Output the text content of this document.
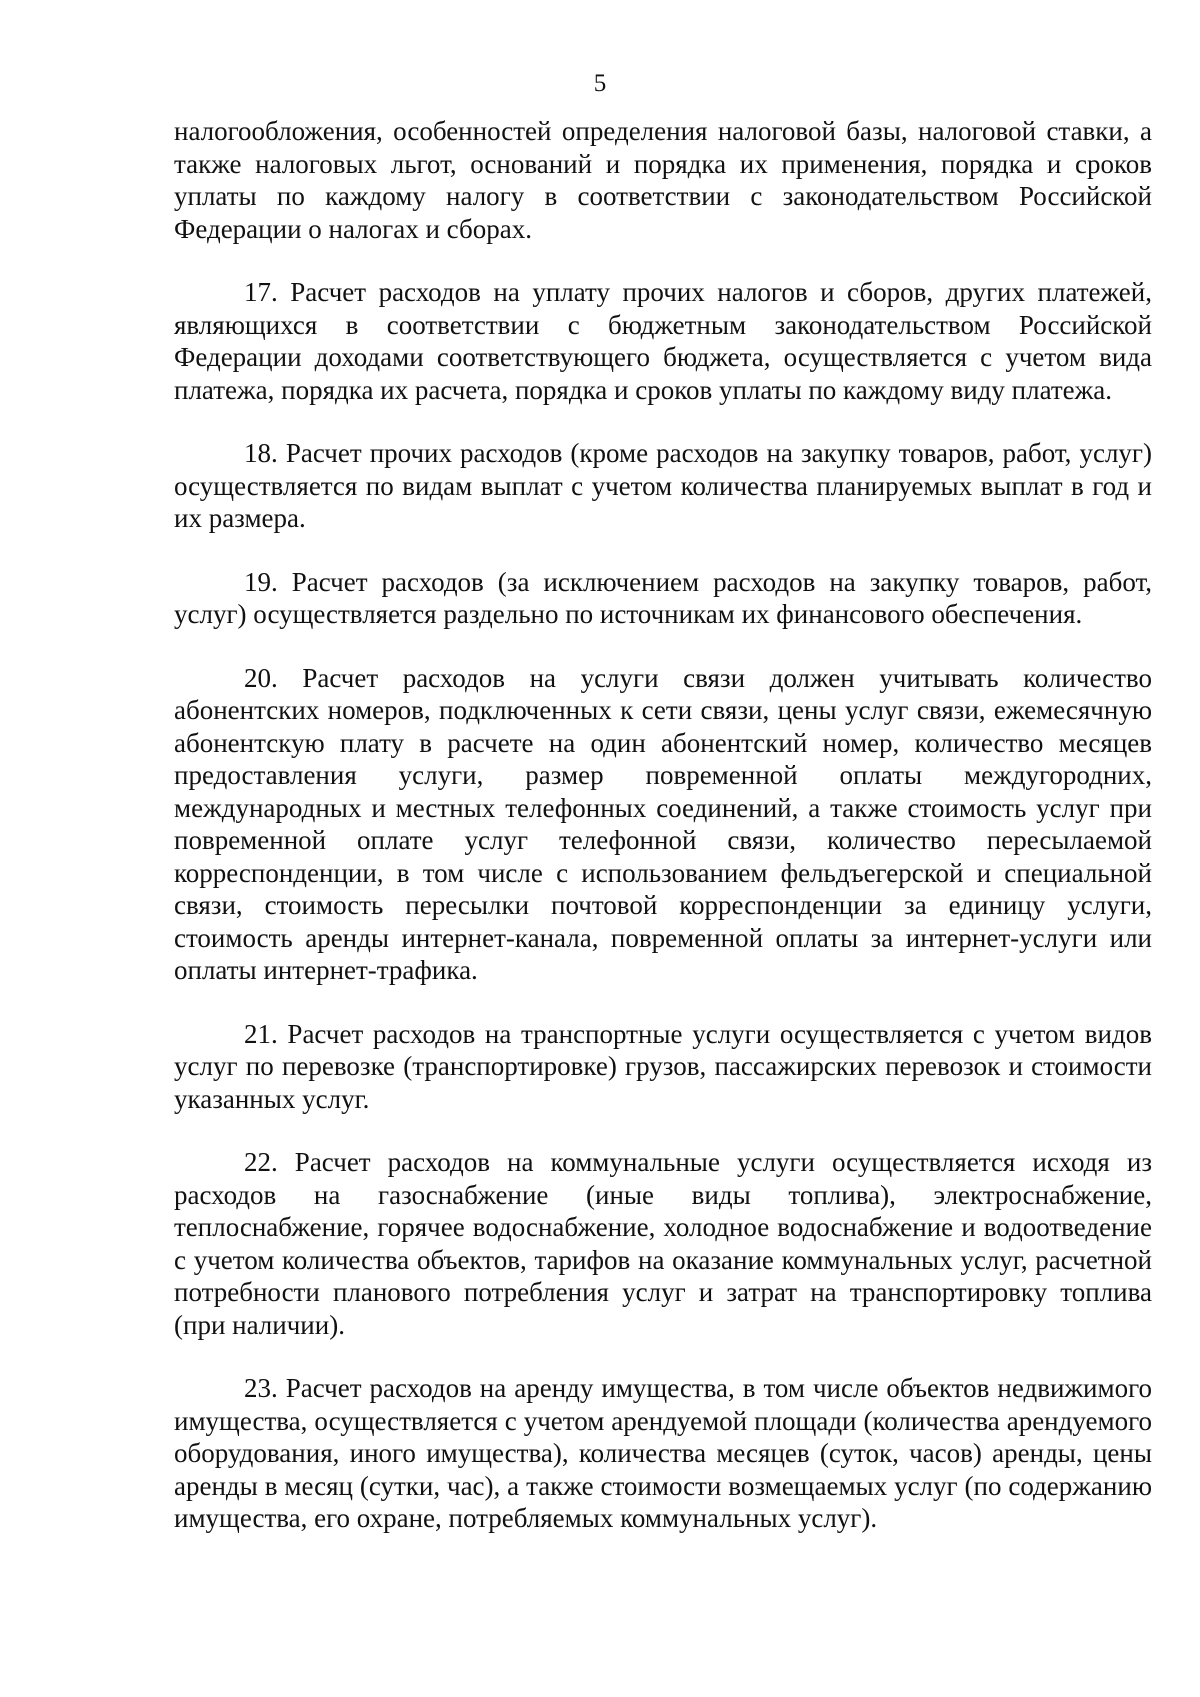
5

налогообложения, особенностей определения налоговой базы, налоговой ставки, а также налоговых льгот, оснований и порядка их применения, порядка и сроков уплаты по каждому налогу в соответствии с законодательством Российской Федерации о налогах и сборах.

17. Расчет расходов на уплату прочих налогов и сборов, других платежей, являющихся в соответствии с бюджетным законодательством Российской Федерации доходами соответствующего бюджета, осуществляется с учетом вида платежа, порядка их расчета, порядка и сроков уплаты по каждому виду платежа.

18. Расчет прочих расходов (кроме расходов на закупку товаров, работ, услуг) осуществляется по видам выплат с учетом количества планируемых выплат в год и их размера.

19. Расчет расходов (за исключением расходов на закупку товаров, работ, услуг) осуществляется раздельно по источникам их финансового обеспечения.

20. Расчет расходов на услуги связи должен учитывать количество абонентских номеров, подключенных к сети связи, цены услуг связи, ежемесячную абонентскую плату в расчете на один абонентский номер, количество месяцев предоставления услуги, размер повременной оплаты междугородних, международных и местных телефонных соединений, а также стоимость услуг при повременной оплате услуг телефонной связи, количество пересылаемой корреспонденции, в том числе с использованием фельдъегерской и специальной связи, стоимость пересылки почтовой корреспонденции за единицу услуги, стоимость аренды интернет-канала, повременной оплаты за интернет-услуги или оплаты интернет-трафика.

21. Расчет расходов на транспортные услуги осуществляется с учетом видов услуг по перевозке (транспортировке) грузов, пассажирских перевозок и стоимости указанных услуг.

22. Расчет расходов на коммунальные услуги осуществляется исходя из расходов на газоснабжение (иные виды топлива), электроснабжение, теплоснабжение, горячее водоснабжение, холодное водоснабжение и водоотведение с учетом количества объектов, тарифов на оказание коммунальных услуг, расчетной потребности планового потребления услуг и затрат на транспортировку топлива (при наличии).

23. Расчет расходов на аренду имущества, в том числе объектов недвижимого имущества, осуществляется с учетом арендуемой площади (количества арендуемого оборудования, иного имущества), количества месяцев (суток, часов) аренды, цены аренды в месяц (сутки, час), а также стоимости возмещаемых услуг (по содержанию имущества, его охране, потребляемых коммунальных услуг).
